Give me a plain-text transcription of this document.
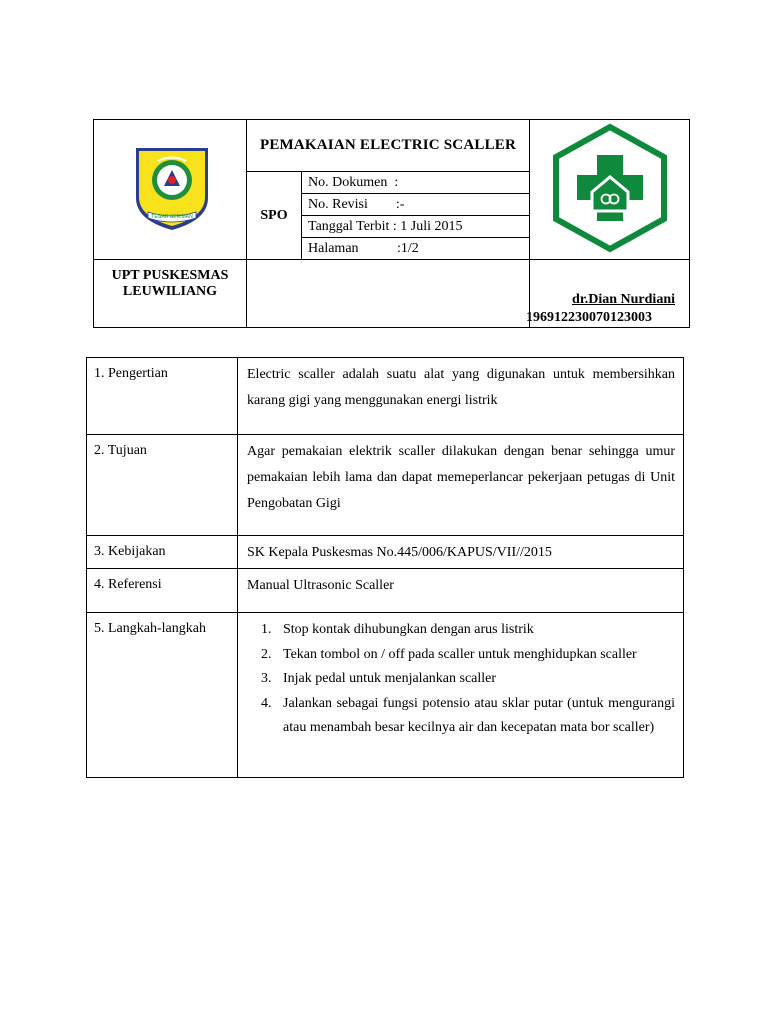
TEGAR BERIMAN
PEMAKAIAN ELECTRIC SCALLER
SPO
No. Dokumen  :
No. Revisi        :-
Tanggal Terbit : 1 Juli 2015
Halaman           :1/2
UPT PUSKESMAS LEUWILIANG
dr.Dian Nurdiani
196912230070123003
1. Pengertian	Electric scaller adalah suatu alat yang digunakan untuk membersihkan karang gigi yang menggunakan energi listrik
2. Tujuan	Agar pemakaian elektrik scaller dilakukan dengan benar sehingga umur pemakaian lebih lama dan dapat memeperlancar pekerjaan petugas di Unit Pengobatan Gigi
3. Kebijakan	SK Kepala Puskesmas No.445/006/KAPUS/VII//2015
4. Referensi	Manual Ultrasonic Scaller
5. Langkah-langkah
1.	Stop kontak dihubungkan dengan arus listrik
2. Tekan tombol on / off pada scaller untuk menghidupkan scaller
3. Injak pedal untuk menjalankan scaller
4. Jalankan sebagai fungsi potensio atau sklar putar (untuk mengurangi atau menambah besar kecilnya air dan kecepatan mata bor scaller)
